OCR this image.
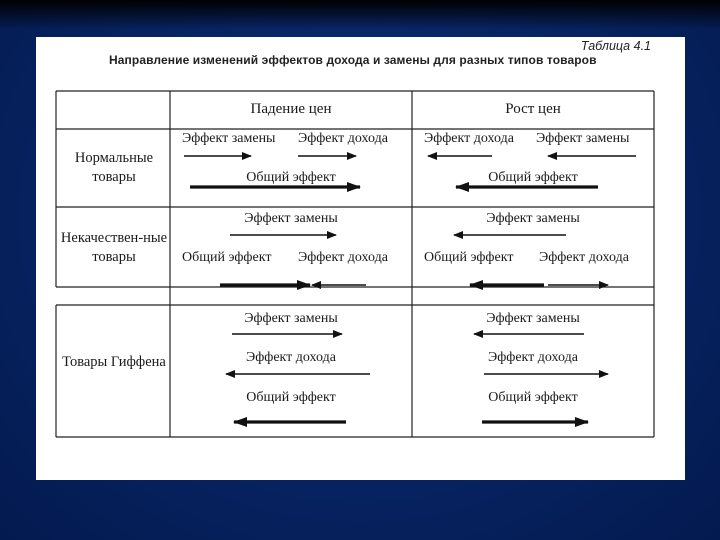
Таблица 4.1
Направление изменений эффектов дохода и замены для разных типов товаров
Падение цен	Рост цен
Нормальные товары
Некачествен-ные товары
Товары Гиффена
Эффект замены Эффект дохода
Общий эффект
Эффект дохода Эффект замены
Общий эффект
Эффект замены
Общий эффект Эффект дохода
Эффект замены
Общий эффект Эффект дохода
Эффект замены
Эффект дохода
Общий эффект
Эффект замены
Эффект дохода
Общий эффект
